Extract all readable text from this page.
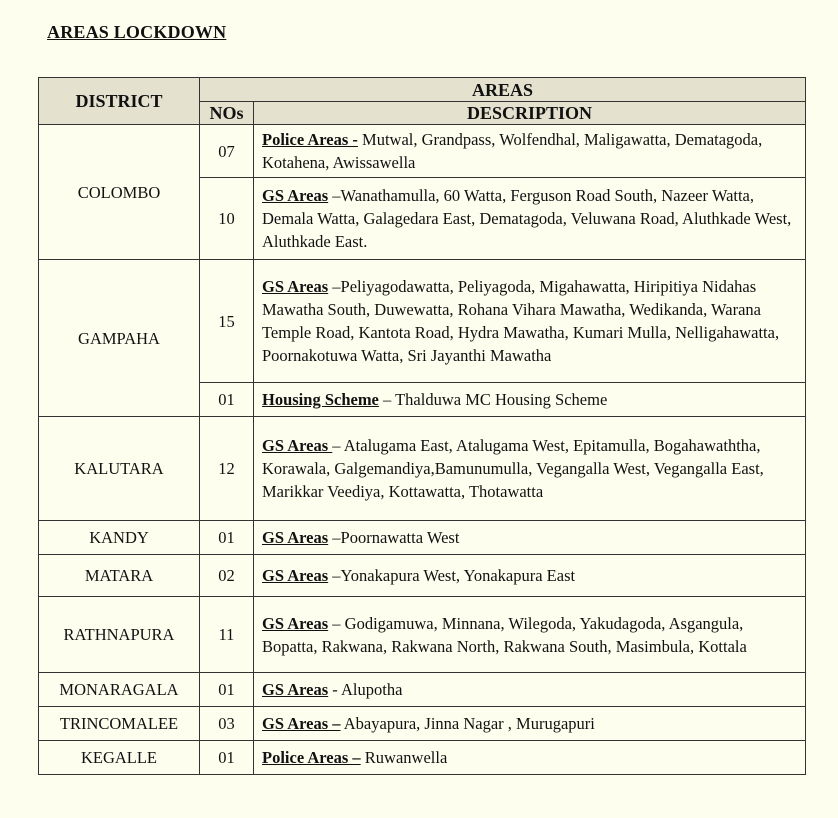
AREAS LOCKDOWN
DISTRICT	AREAS	
	NOs	DESCRIPTION
COLOMBO	07	Police Areas - Mutwal, Grandpass, Wolfendhal, Maligawatta, Dematagoda, Kotahena, Awissawella
	10	GS Areas –Wanathamulla, 60 Watta, Ferguson Road South, Nazeer Watta, Demala Watta, Galagedara East, Dematagoda, Veluwana Road, Aluthkade West, Aluthkade East.
GAMPAHA	15	GS Areas –Peliyagodawatta, Peliyagoda, Migahawatta, Hiripitiya Nidahas Mawatha South, Duwewatta, Rohana Vihara Mawatha, Wedikanda, Warana Temple Road, Kantota Road, Hydra Mawatha, Kumari Mulla, Nelligahawatta, Poornakotuwa Watta, Sri Jayanthi Mawatha
	01	Housing Scheme – Thalduwa MC Housing Scheme
KALUTARA	12	GS Areas – Atalugama East, Atalugama West, Epitamulla, Bogahawaththa, Korawala, Galgemandiya,Bamunumulla, Vegangalla West, Vegangalla East, Marikkar Veediya, Kottawatta, Thotawatta
KANDY	01	GS Areas –Poornawatta West
MATARA	02	GS Areas –Yonakapura West, Yonakapura East
RATHNAPURA	11	GS Areas – Godigamuwa, Minnana, Wilegoda, Yakudagoda, Asgangula, Bopatta, Rakwana, Rakwana North, Rakwana South, Masimbula, Kottala
MONARAGALA	01	GS Areas - Alupotha
TRINCOMALEE	03	GS Areas – Abayapura, Jinna Nagar , Murugapuri
KEGALLE	01	Police Areas – Ruwanwella
